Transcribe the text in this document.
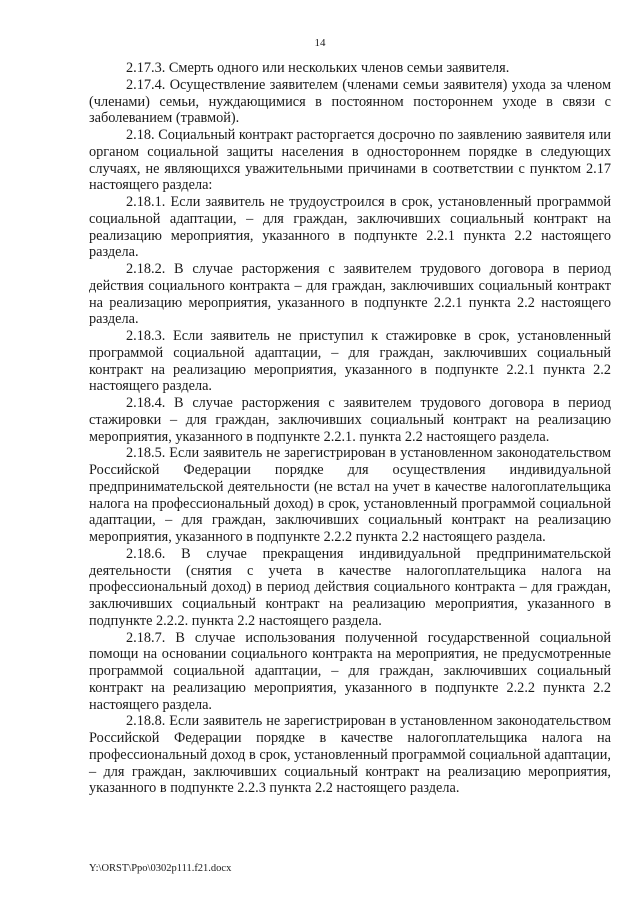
14

2.17.3. Смерть одного или нескольких членов семьи заявителя.

2.17.4. Осуществление заявителем (членами семьи заявителя) ухода за членом (членами) семьи, нуждающимися в постоянном постороннем уходе в связи с заболеванием (травмой).

2.18. Социальный контракт расторгается досрочно по заявлению заявителя или органом социальной защиты населения в одностороннем порядке в следующих случаях, не являющихся уважительными причинами в соответствии с пунктом 2.17 настоящего раздела:

2.18.1. Если заявитель не трудоустроился в срок, установленный программой социальной адаптации, – для граждан, заключивших социальный контракт на реализацию мероприятия, указанного в подпункте 2.2.1 пункта 2.2 настоящего раздела.

2.18.2. В случае расторжения с заявителем трудового договора в период действия социального контракта – для граждан, заключивших социальный контракт на реализацию мероприятия, указанного в подпункте 2.2.1 пункта 2.2 настоящего раздела.

2.18.3. Если заявитель не приступил к стажировке в срок, установленный программой социальной адаптации, – для граждан, заключивших социальный контракт на реализацию мероприятия, указанного в подпункте 2.2.1 пункта 2.2 настоящего раздела.

2.18.4. В случае расторжения с заявителем трудового договора в период стажировки – для граждан, заключивших социальный контракт на реализацию мероприятия, указанного в подпункте 2.2.1. пункта 2.2 настоящего раздела.

2.18.5. Если заявитель не зарегистрирован в установленном законодательством Российской Федерации порядке для осуществления индивидуальной предпринимательской деятельности (не встал на учет в качестве налогоплательщика налога на профессиональный доход) в срок, установленный программой социальной адаптации, – для граждан, заключивших социальный контракт на реализацию мероприятия, указанного в подпункте 2.2.2 пункта 2.2 настоящего раздела.

2.18.6. В случае прекращения индивидуальной предпринимательской деятельности (снятия с учета в качестве налогоплательщика налога на профессиональный доход) в период действия социального контракта – для граждан, заключивших социальный контракт на реализацию мероприятия, указанного в подпункте 2.2.2. пункта 2.2 настоящего раздела.

2.18.7. В случае использования полученной государственной социальной помощи на основании социального контракта на мероприятия, не предусмотренные программой социальной адаптации, – для граждан, заключивших социальный контракт на реализацию мероприятия, указанного в подпункте 2.2.2 пункта 2.2 настоящего раздела.

2.18.8. Если заявитель не зарегистрирован в установленном законодательством Российской Федерации порядке в качестве налогоплательщика налога на профессиональный доход в срок, установленный программой социальной адаптации, – для граждан, заключивших социальный контракт на реализацию мероприятия, указанного в подпункте 2.2.3 пункта 2.2 настоящего раздела.

Y:\ORST\Ppo\0302p111.f21.docx
